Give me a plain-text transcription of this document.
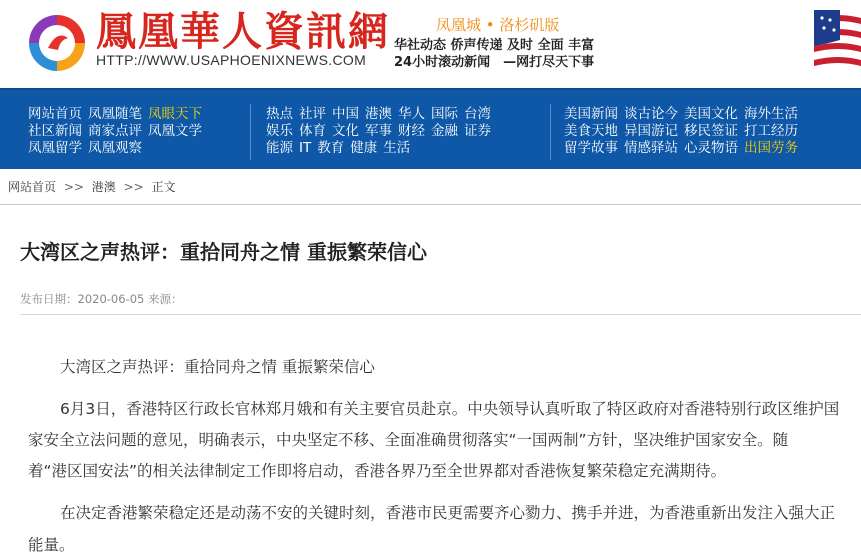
鳳凰華人資訊網
HTTP://WWW.USAPHOENIXNEWS.COM
凤凰城 • 洛杉矶版
华社动态 侨声传递 及时 全面 丰富
24小时滚动新闻　—网打尽天下事
网站首页 凤凰随笔 凤眼天下
社区新闻 商家点评 凤凰文学
凤凰留学 凤凰观察
热点 社评 中国 港澳 华人 国际 台湾
娱乐 体育 文化 军事 财经 金融 证券
能源 IT 教育 健康 生活
美国新闻 谈古论今 美国文化 海外生活
美食天地 异国游记 移民签证 打工经历
留学故事 情感驿站 心灵物语 出国劳务
网站首页 >> 港澳 >> 正文
大湾区之声热评：重拾同舟之情 重振繁荣信心
发布日期：2020-06-05 来源：
大湾区之声热评：重拾同舟之情 重振繁荣信心
6月3日，香港特区行政长官林郑月娥和有关主要官员赴京。中央领导认真听取了特区政府对香港特别行政区维护国
家安全立法问题的意见，明确表示，中央坚定不移、全面准确贯彻落实“一国两制”方针，坚决维护国家安全。随
着“港区国安法”的相关法律制定工作即将启动，香港各界乃至全世界都对香港恢复繁荣稳定充满期待。
在决定香港繁荣稳定还是动荡不安的关键时刻，香港市民更需要齐心勠力、携手并进，为香港重新出发注入强大正
能量。
